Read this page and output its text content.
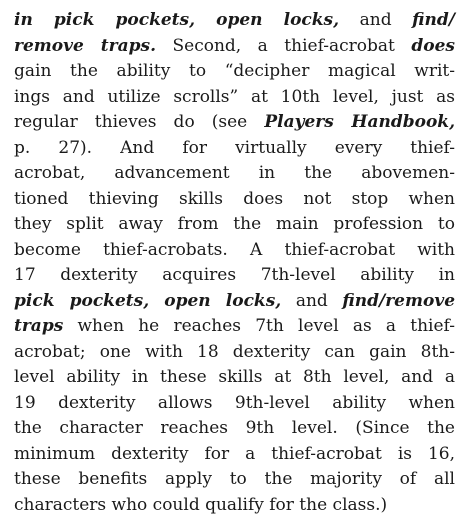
in pick pockets, open locks, and find/
remove traps. Second, a thief-acrobat does
gain the ability to “decipher magical writ-
ings and utilize scrolls” at 10th level, just as
regular thieves do (see Players Handbook,
p. 27). And for virtually every thief-
acrobat, advancement in the abovemen-
tioned thieving skills does not stop when
they split away from the main profession to
become thief-acrobats. A thief-acrobat with
17 dexterity acquires 7th-level ability in
pick pockets, open locks, and find/remove
traps when he reaches 7th level as a thief-
acrobat; one with 18 dexterity can gain 8th-
level ability in these skills at 8th level, and a
19 dexterity allows 9th-level ability when
the character reaches 9th level. (Since the
minimum dexterity for a thief-acrobat is 16,
these benefits apply to the majority of all
characters who could qualify for the class.)
